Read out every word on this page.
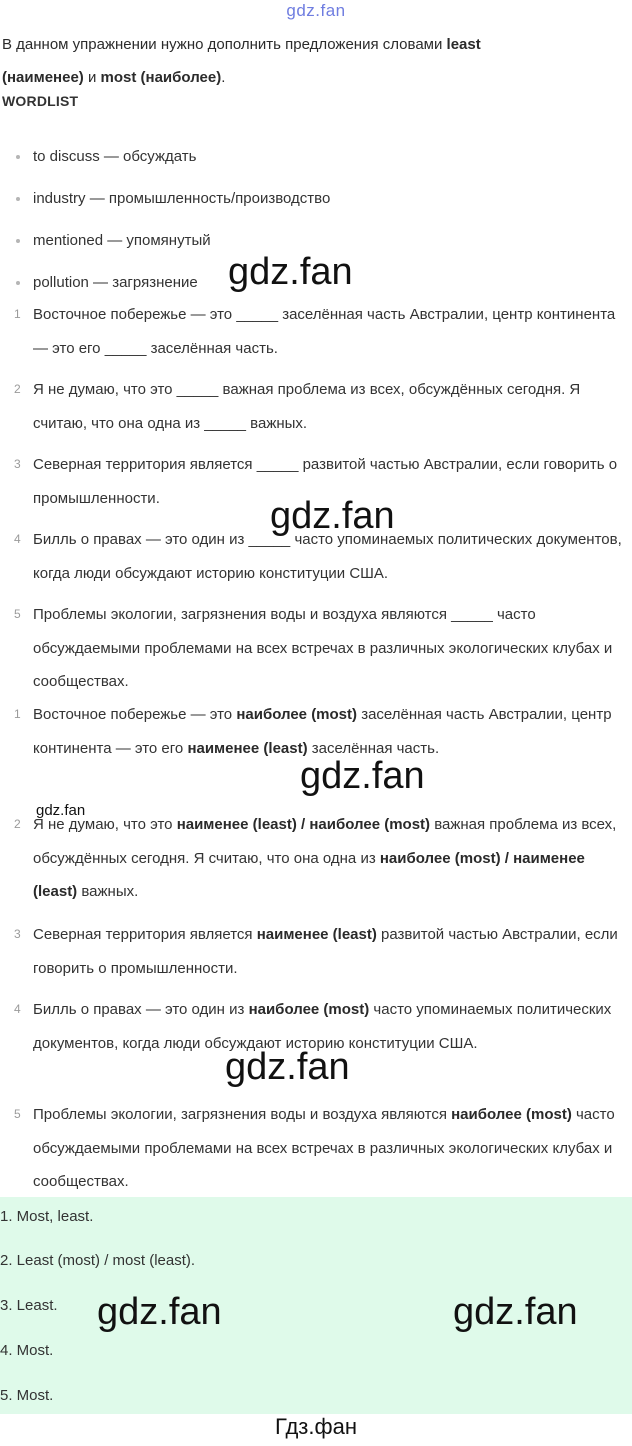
gdz.fan
В данном упражнении нужно дополнить предложения словами least
(наименее) и most (наиболее).
WORDLIST
to discuss — обсуждать
industry — промышленность/производство
mentioned — упомянутый
pollution — загрязнение
1 Восточное побережье — это _____ заселённая часть Австралии, центр континента — это его _____ заселённая часть.
2 Я не думаю, что это _____ важная проблема из всех, обсуждённых сегодня. Я считаю, что она одна из _____ важных.
3 Северная территория является _____ развитой частью Австралии, если говорить о промышленности.
4 Билль о правах — это один из _____ часто упоминаемых политических документов, когда люди обсуждают историю конституции США.
5 Проблемы экологии, загрязнения воды и воздуха являются _____ часто обсуждаемыми проблемами на всех встречах в различных экологических клубах и сообществах.
1 Восточное побережье — это наиболее (most) заселённая часть Австралии, центр континента — это его наименее (least) заселённая часть.
2 Я не думаю, что это наименее (least) / наиболее (most) важная проблема из всех, обсуждённых сегодня. Я считаю, что она одна из наиболее (most) / наименее (least) важных.
3 Северная территория является наименее (least) развитой частью Австралии, если говорить о промышленности.
4 Билль о правах — это один из наиболее (most) часто упоминаемых политических документов, когда люди обсуждают историю конституции США.
5 Проблемы экологии, загрязнения воды и воздуха являются наиболее (most) часто обсуждаемыми проблемами на всех встречах в различных экологических клубах и сообществах.
1. Most, least.
2. Least (most) / most (least).
3. Least.
4. Most.
5. Most.
gdz.fan
gdz.fan
gdz.fan
gdz.fan
gdz.fan
gdz.fan	gdz.fan
Гдз.фан
